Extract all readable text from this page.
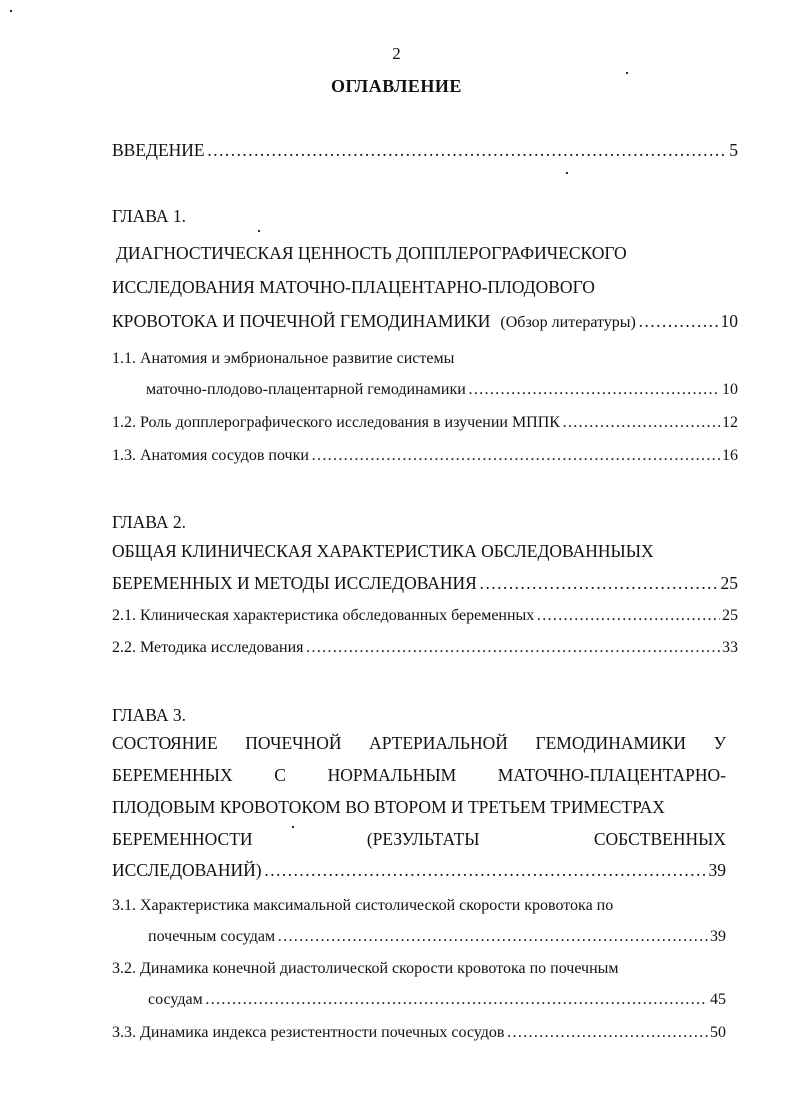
2
ОГЛАВЛЕНИЕ
ВВЕДЕНИЕ ………………………………………………………………………………………………………………………………………………………	5
ГЛАВА 1.
ДИАГНОСТИЧЕСКАЯ ЦЕННОСТЬ ДОППЛЕРОГРАФИЧЕСКОГО
ИССЛЕДОВАНИЯ МАТОЧНО-ПЛАЦЕНТАРНО-ПЛОДОВОГО
КРОВОТОКА И ПОЧЕЧНОЙ ГЕМОДИНАМИКИ (Обзор литературы) ………………………………………………………………………………………………………………………………………………………	10
1.1. Анатомия и эмбриональное развитие системы
маточно-плодово-плацентарной гемодинамики ………………………………………………………………………………………………………………………………………………………	10
1.2. Роль допплерографического исследования в изучении МППК ………………………………………………………………………………………………………………………………………………………	12
1.3. Анатомия сосудов почки ………………………………………………………………………………………………………………………………………………………	16
ГЛАВА 2.
ОБЩАЯ КЛИНИЧЕСКАЯ ХАРАКТЕРИСТИКА ОБСЛЕДОВАННЫЫХ
БЕРЕМЕННЫХ И МЕТОДЫ ИССЛЕДОВАНИЯ ………………………………………………………………………………………………………………………………………………………	25
2.1. Клиническая характеристика обследованных беременных ………………………………………………………………………………………………………………………………………………………	25
2.2. Методика исследования ………………………………………………………………………………………………………………………………………………………	33
ГЛАВА 3.
СОСТОЯНИЕ ПОЧЕЧНОЙ АРТЕРИАЛЬНОЙ ГЕМОДИНАМИКИ У
БЕРЕМЕННЫХ С НОРМАЛЬНЫМ МАТОЧНО-ПЛАЦЕНТАРНО-
ПЛОДОВЫМ КРОВОТОКОМ ВО ВТОРОМ И ТРЕТЬЕМ ТРИМЕСТРАХ
БЕРЕМЕННОСТИ	(РЕЗУЛЬТАТЫ	СОБСТВЕННЫХ
ИССЛЕДОВАНИЙ) ………………………………………………………………………………………………………………………………………………………	39
3.1. Характеристика максимальной систолической скорости кровотока по
почечным сосудам ………………………………………………………………………………………………………………………………………………………	39
3.2. Динамика конечной диастолической скорости кровотока по почечным
сосудам ………………………………………………………………………………………………………………………………………………………	45
3.3. Динамика индекса резистентности почечных сосудов ………………………………………………………………………………………………………………………………………………………	50
